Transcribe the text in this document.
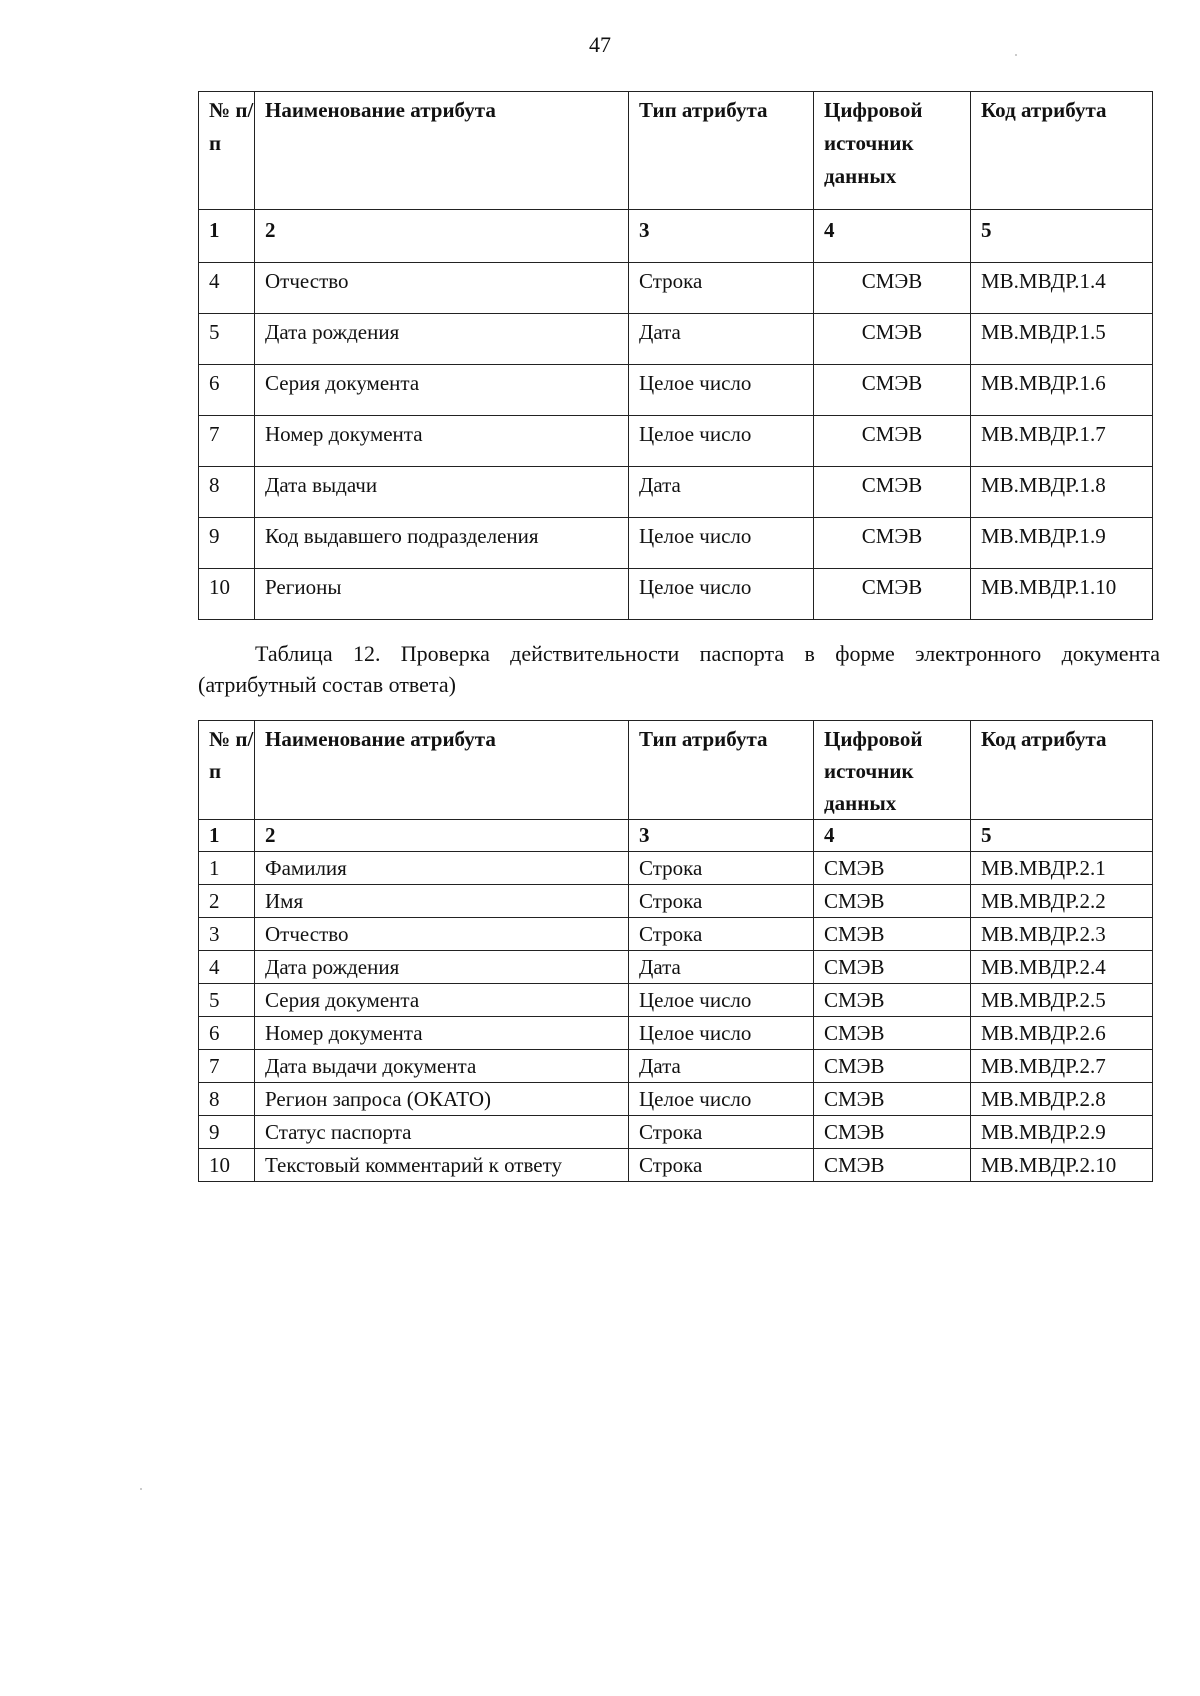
47
№ п/п	Наименование атрибута	Тип атрибута	Цифровой источник данных	Код атрибута
1	2	3	4	5
4	Отчество	Строка	СМЭВ	МВ.МВДР.1.4
5	Дата рождения	Дата	СМЭВ	МВ.МВДР.1.5
6	Серия документа	Целое число	СМЭВ	МВ.МВДР.1.6
7	Номер документа	Целое число	СМЭВ	МВ.МВДР.1.7
8	Дата выдачи	Дата	СМЭВ	МВ.МВДР.1.8
9	Код выдавшего подразделения	Целое число	СМЭВ	МВ.МВДР.1.9
10	Регионы	Целое число	СМЭВ	МВ.МВДР.1.10
Таблица 12. Проверка действительности паспорта в форме электронного документа (атрибутный состав ответа)
№ п/п	Наименование атрибута	Тип атрибута	Цифровой источник данных	Код атрибута
1	2	3	4	5
1	Фамилия	Строка	СМЭВ	МВ.МВДР.2.1
2	Имя	Строка	СМЭВ	МВ.МВДР.2.2
3	Отчество	Строка	СМЭВ	МВ.МВДР.2.3
4	Дата рождения	Дата	СМЭВ	МВ.МВДР.2.4
5	Серия документа	Целое число	СМЭВ	МВ.МВДР.2.5
6	Номер документа	Целое число	СМЭВ	МВ.МВДР.2.6
7	Дата выдачи документа	Дата	СМЭВ	МВ.МВДР.2.7
8	Регион запроса (ОКАТО)	Целое число	СМЭВ	МВ.МВДР.2.8
9	Статус паспорта	Строка	СМЭВ	МВ.МВДР.2.9
10	Текстовый комментарий к ответу	Строка	СМЭВ	МВ.МВДР.2.10
